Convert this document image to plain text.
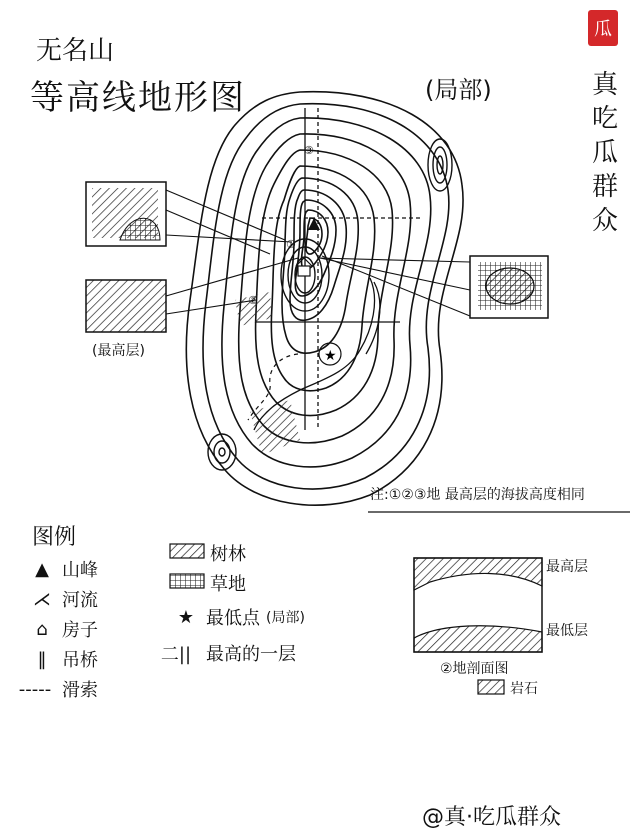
无名山
等高线地形图	(局部)
瓜
真
吃
瓜
群
众
★
①
②
③
注:①②③地 最高层的海拔高度相同
(最高层)
图例
▲ 山峰
⋌ 河流
⌂ 房子
‖ 吊桥
----- 滑索
树林
草地
★ 最低点 (局部)
二|| 最高的一层
最高层
最低层
②地剖面图
岩石
@真·吃瓜群众
